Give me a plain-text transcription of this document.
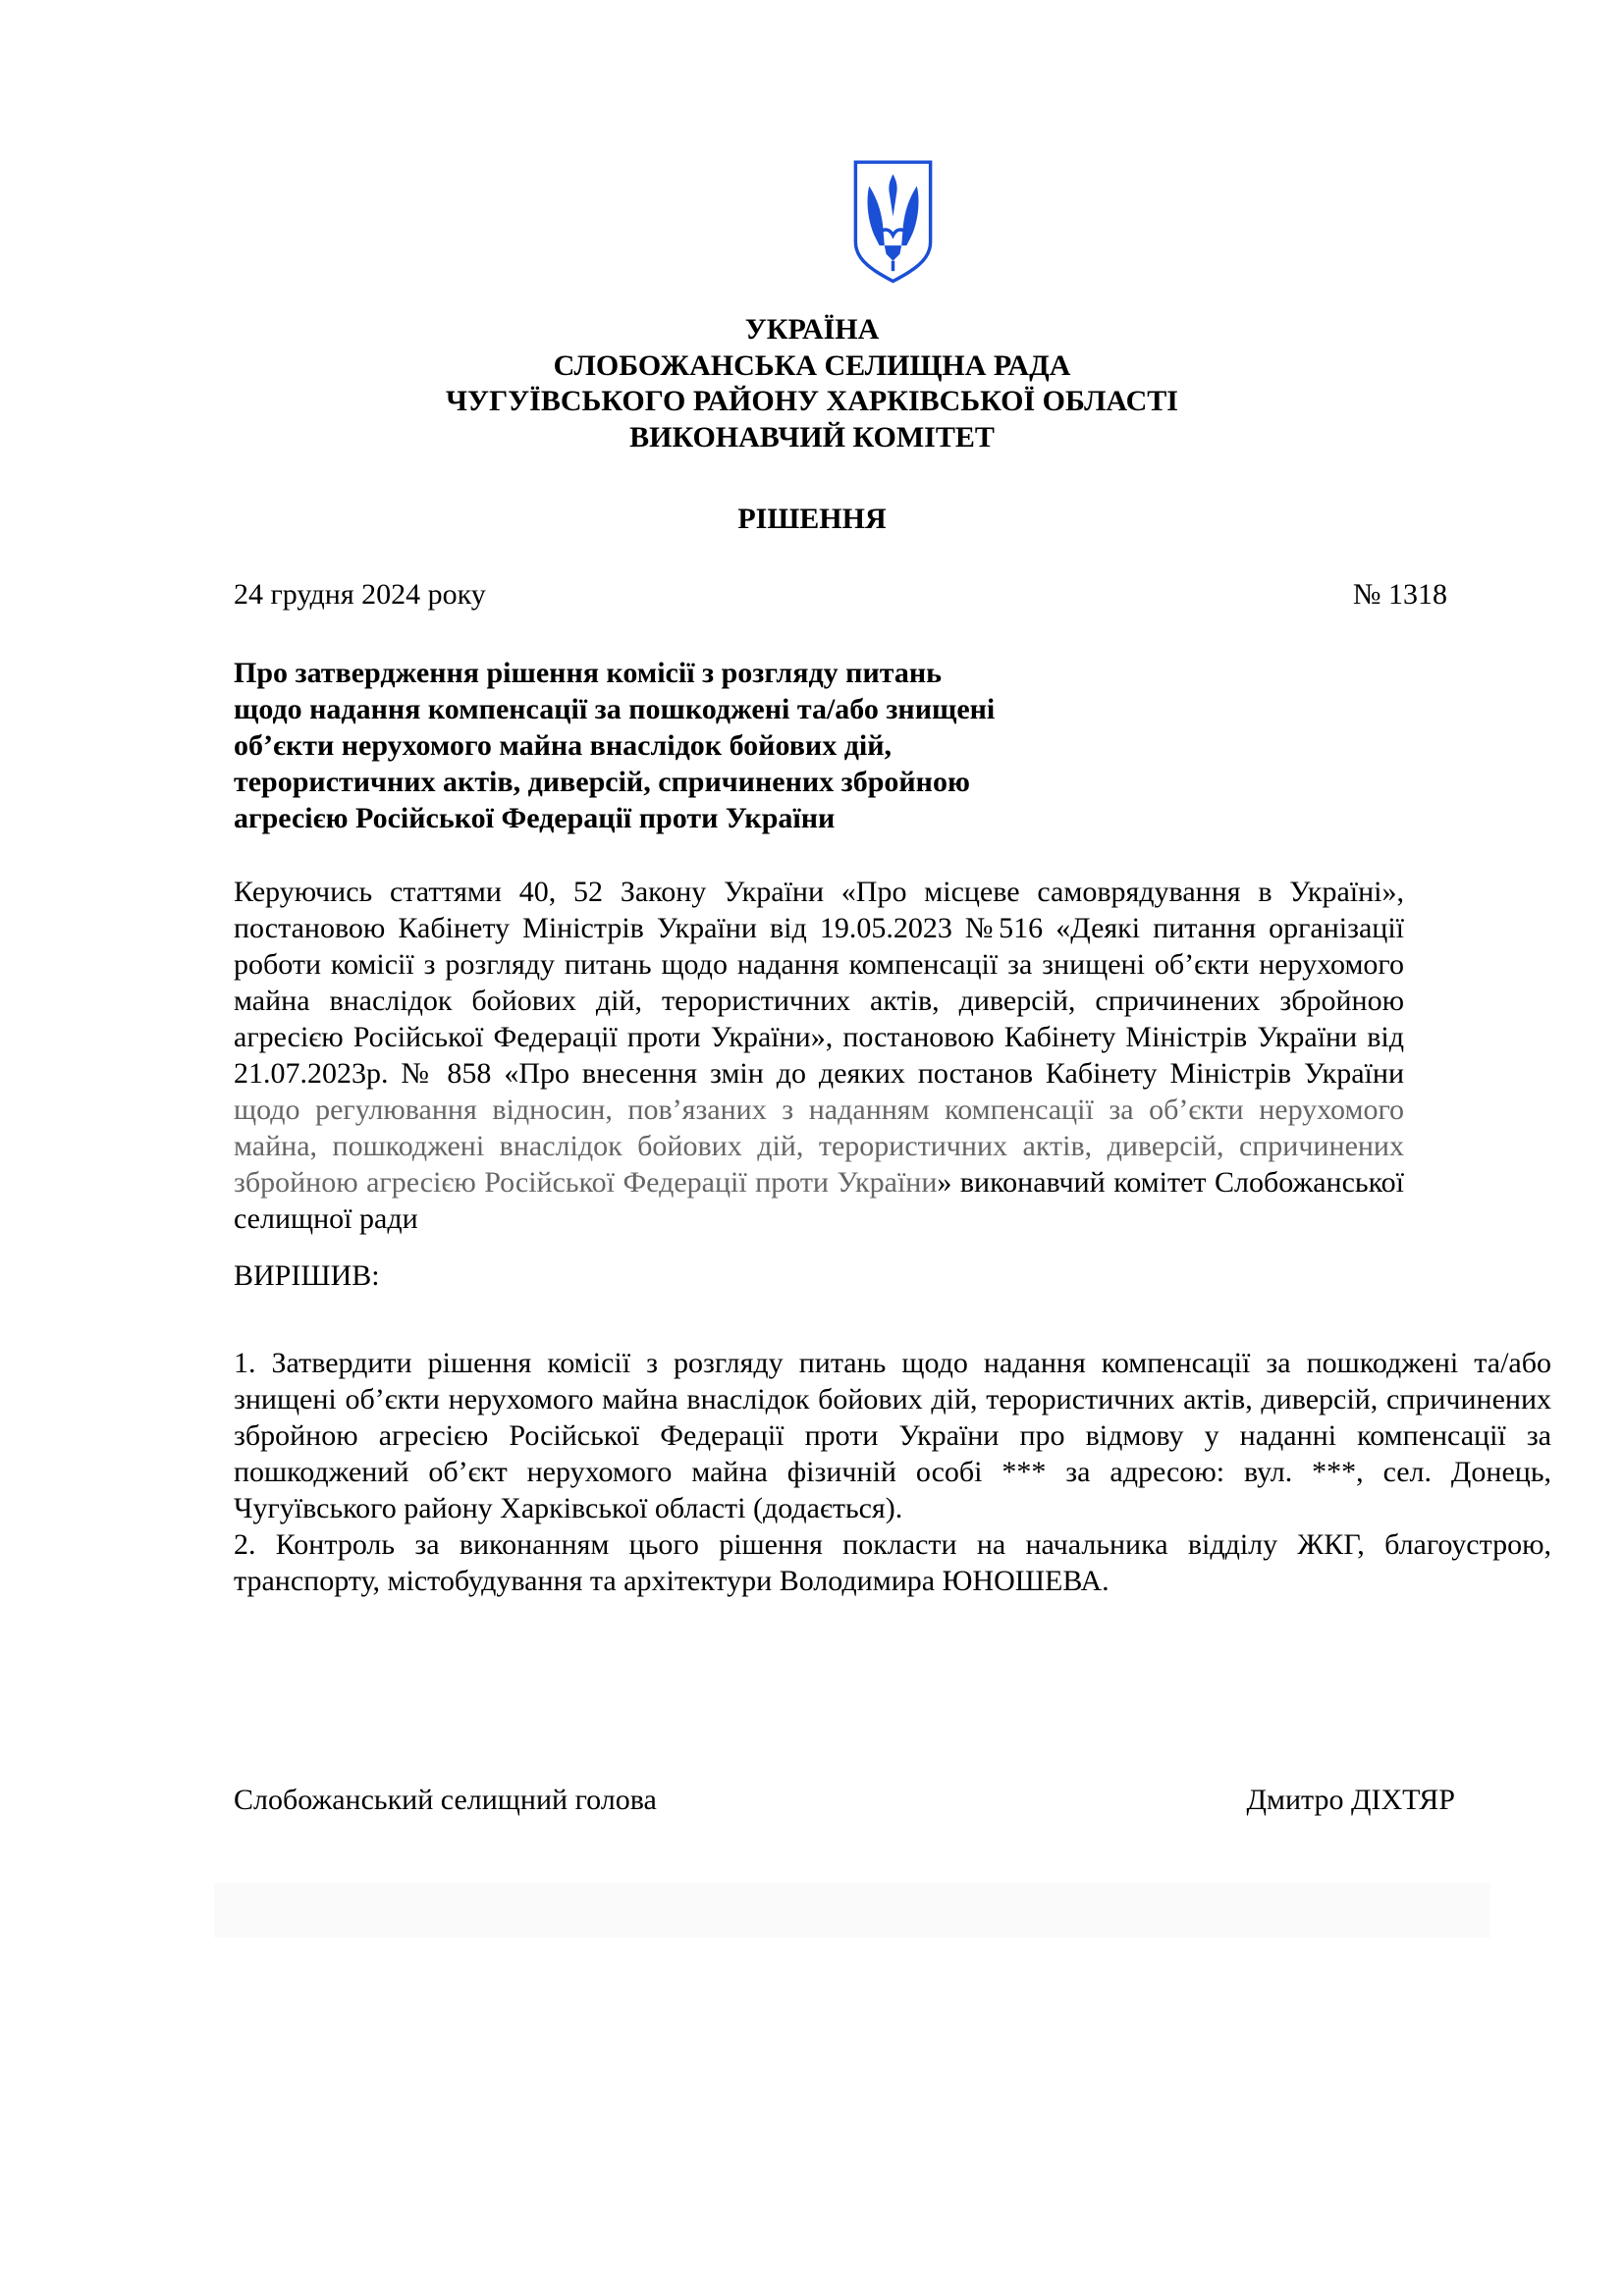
УКРАЇНА
СЛОБОЖАНСЬКА СЕЛИЩНА РАДА
ЧУГУЇВСЬКОГО РАЙОНУ ХАРКІВСЬКОЇ ОБЛАСТІ
ВИКОНАВЧИЙ КОМІТЕТ
РІШЕННЯ
24 грудня 2024 року	№ 1318
Про затвердження рішення комісії з розгляду питань
щодо надання компенсації за пошкоджені та/або знищені
об’єкти нерухомого майна внаслідок бойових дій,
терористичних актів, диверсій, спричинених збройною
агресією Російської Федерації проти України
Керуючись статтями 40, 52 Закону України «Про місцеве самоврядування в Україні», постановою Кабінету Міністрів України від 19.05.2023 №516 «Деякі питання організації роботи комісії з розгляду питань щодо надання компенсації за знищені об’єкти нерухомого майна внаслідок бойових дій, терористичних актів, диверсій, спричинених збройною агресією Російської Федерації проти України», постановою Кабінету Міністрів України від 21.07.2023р. № 858 «Про внесення змін до деяких постанов Кабінету Міністрів України щодо регулювання відносин, пов’язаних з наданням компенсації за об’єкти нерухомого майна, пошкоджені внаслідок бойових дій, терористичних актів, диверсій, спричинених збройною агресією Російської Федерації проти України» виконавчий комітет Слобожанської селищної ради
ВИРІШИВ:

1. Затвердити рішення комісії з розгляду питань щодо надання компенсації за пошкоджені та/або знищені об’єкти нерухомого майна внаслідок бойових дій, терористичних актів, диверсій, спричинених збройною агресією Російської Федерації проти України про відмову у наданні компенсації за пошкоджений об’єкт нерухомого майна фізичній особі *** за адресою: вул. ***, сел. Донець, Чугуївського району Харківської області (додається).

2. Контроль за виконанням цього рішення покласти на начальника відділу ЖКГ, благоустрою, транспорту, містобудування та архітектури Володимира ЮНОШЕВА.

Слобожанський селищний голова	Дмитро ДІХТЯР
